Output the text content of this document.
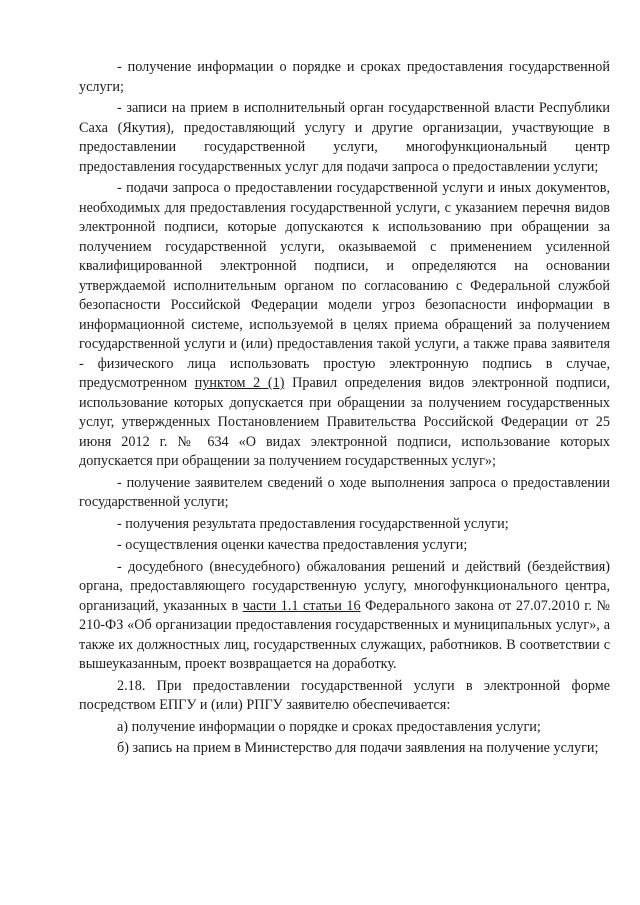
- получение информации о порядке и сроках предоставления государственной услуги;

- записи на прием в исполнительный орган государственной власти Республики Саха (Якутия), предоставляющий услугу и другие организации, участвующие в предоставлении государственной услуги, многофункциональный центр предоставления государственных услуг для подачи запроса о предоставлении услуги;

- подачи запроса о предоставлении государственной услуги и иных документов, необходимых для предоставления государственной услуги, с указанием перечня видов электронной подписи, которые допускаются к использованию при обращении за получением государственной услуги, оказываемой с применением усиленной квалифицированной электронной подписи, и определяются на основании утверждаемой исполнительным органом по согласованию с Федеральной службой безопасности Российской Федерации модели угроз безопасности информации в информационной системе, используемой в целях приема обращений за получением государственной услуги и (или) предоставления такой услуги, а также права заявителя - физического лица использовать простую электронную подпись в случае, предусмотренном пунктом 2 (1) Правил определения видов электронной подписи, использование которых допускается при обращении за получением государственных услуг, утвержденных Постановлением Правительства Российской Федерации от 25 июня 2012 г. № 634 «О видах электронной подписи, использование которых допускается при обращении за получением государственных услуг»;

- получение заявителем сведений о ходе выполнения запроса о предоставлении государственной услуги;

- получения результата предоставления государственной услуги;

- осуществления оценки качества предоставления услуги;

- досудебного (внесудебного) обжалования решений и действий (бездействия) органа, предоставляющего государственную услугу, многофункционального центра, организаций, указанных в части 1.1 статьи 16 Федерального закона от 27.07.2010 г. № 210-ФЗ «Об организации предоставления государственных и муниципальных услуг», а также их должностных лиц, государственных служащих, работников. В соответствии с вышеуказанным, проект возвращается на доработку.

2.18. При предоставлении государственной услуги в электронной форме посредством ЕПГУ и (или) РПГУ заявителю обеспечивается:

а) получение информации о порядке и сроках предоставления услуги;

б) запись на прием в Министерство для подачи заявления на получение услуги;
